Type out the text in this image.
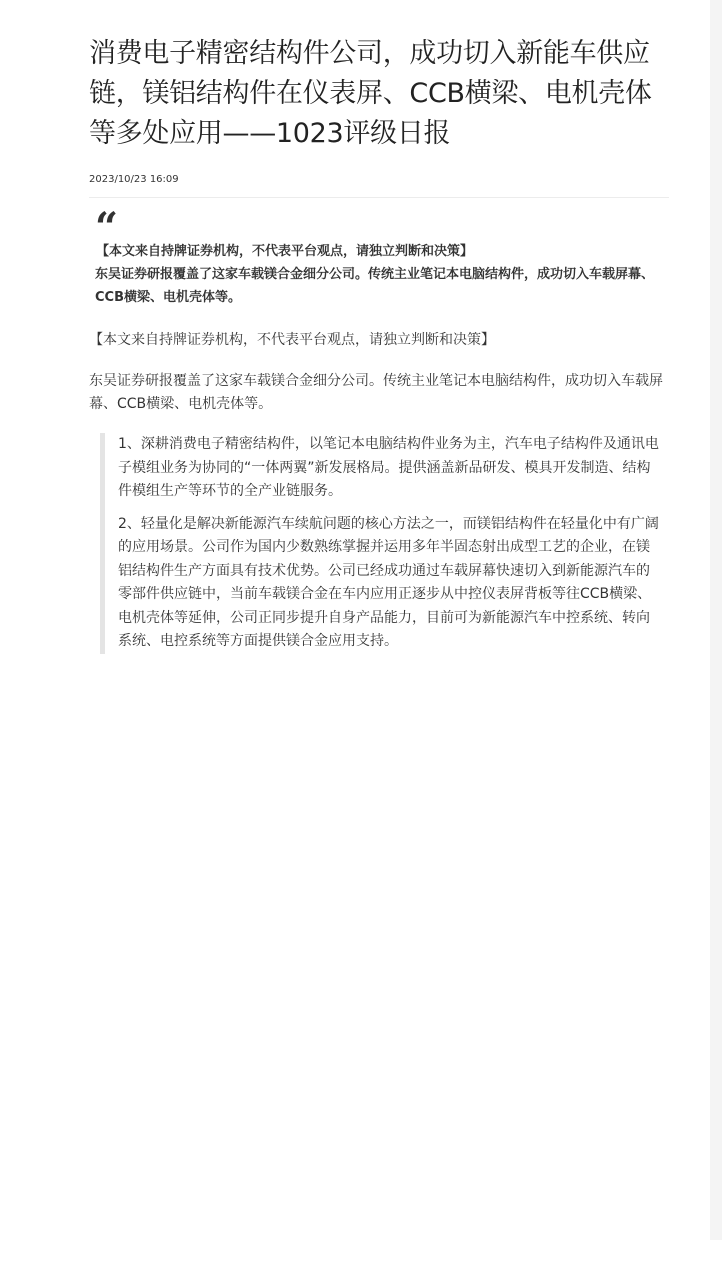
消费电子精密结构件公司，成功切入新能车供应链，镁铝结构件在仪表屏、CCB横梁、电机壳体等多处应用——1023评级日报
2023/10/23 16:09
“

【本文来自持牌证券机构，不代表平台观点，请独立判断和决策】

东吴证券研报覆盖了这家车载镁合金细分公司。传统主业笔记本电脑结构件，成功切入车载屏幕、CCB横梁、电机壳体等。

【本文来自持牌证券机构，不代表平台观点，请独立判断和决策】

东吴证券研报覆盖了这家车载镁合金细分公司。传统主业笔记本电脑结构件，成功切入车载屏幕、CCB横梁、电机壳体等。

1、深耕消费电子精密结构件，以笔记本电脑结构件业务为主，汽车电子结构件及通讯电子模组业务为协同的“一体两翼”新发展格局。提供涵盖新品研发、模具开发制造、结构件模组生产等环节的全产业链服务。

2、轻量化是解决新能源汽车续航问题的核心方法之一，而镁铝结构件在轻量化中有广阔的应用场景。公司作为国内少数熟练掌握并运用多年半固态射出成型工艺的企业，在镁铝结构件生产方面具有技术优势。公司已经成功通过车载屏幕快速切入到新能源汽车的零部件供应链中，当前车载镁合金在车内应用正逐步从中控仪表屏背板等往CCB横梁、电机壳体等延伸，公司正同步提升自身产品能力，目前可为新能源汽车中控系统、转向系统、电控系统等方面提供镁合金应用支持。
